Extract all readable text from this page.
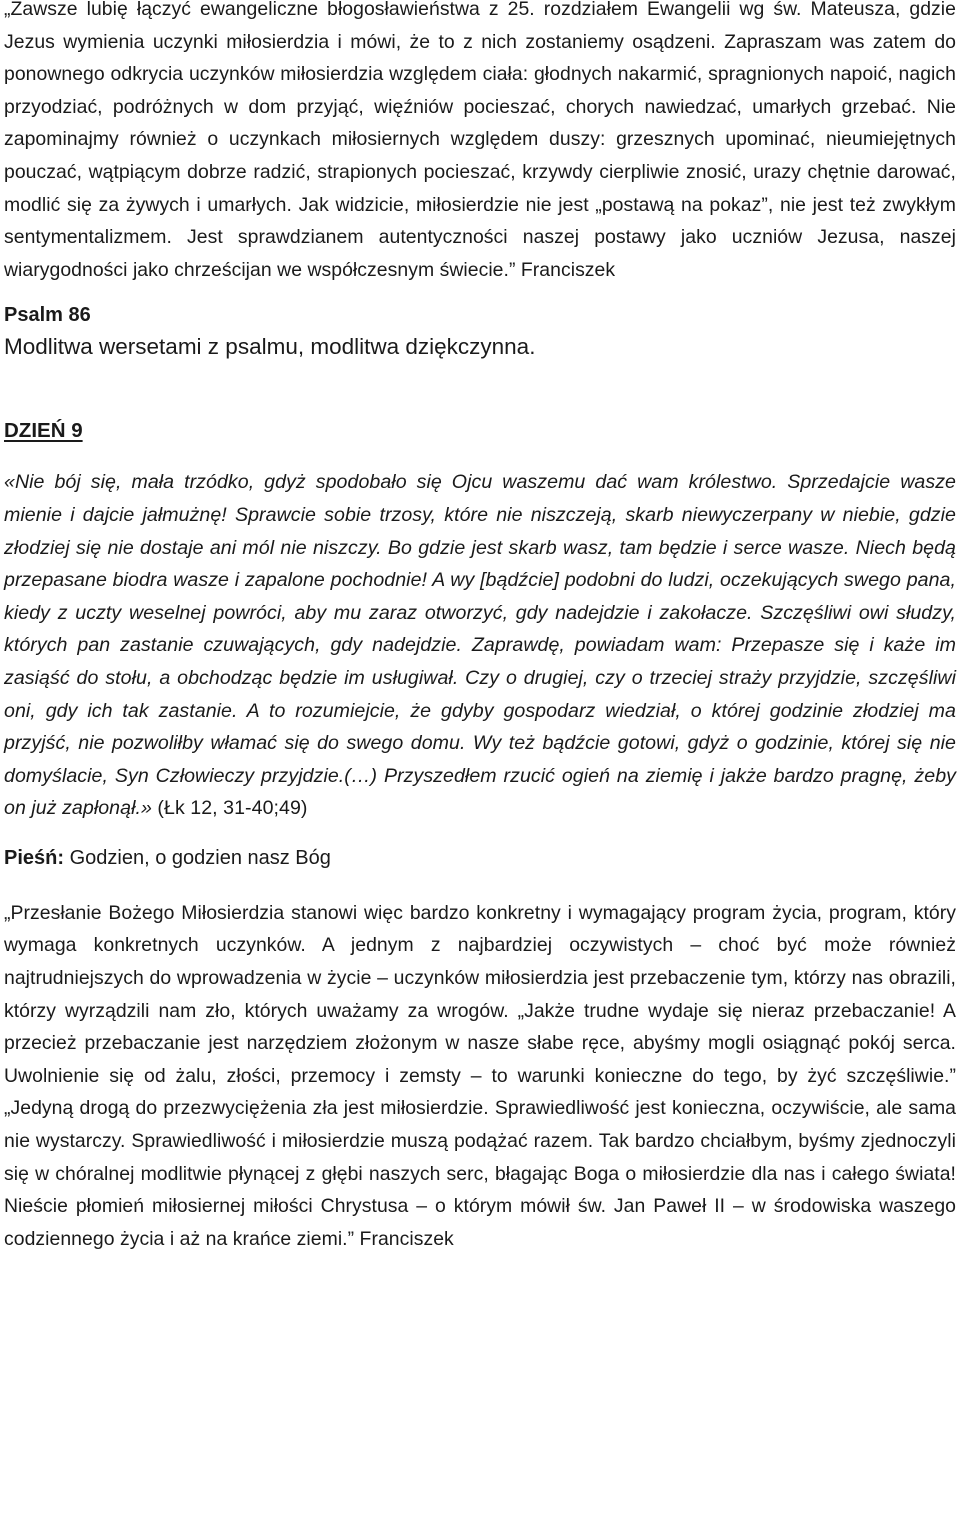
„Zawsze lubię łączyć ewangeliczne błogosławieństwa z 25. rozdziałem Ewangelii wg św. Mateusza, gdzie Jezus wymienia uczynki miłosierdzia i mówi, że to z nich zostaniemy osądzeni. Zapraszam was zatem do ponownego odkrycia uczynków miłosierdzia względem ciała: głodnych nakarmić, spragnionych napoić, nagich przyodziać, podróżnych w dom przyjąć, więźniów pocieszać, chorych nawiedzać, umarłych grzebać. Nie zapominajmy również o uczynkach miłosiernych względem duszy: grzesznych upominać, nieumiejętnych pouczać, wątpiącym dobrze radzić, strapionych pocieszać, krzywdy cierpliwie znosić, urazy chętnie darować, modlić się za żywych i umarłych. Jak widzicie, miłosierdzie nie jest „postawą na pokaz”, nie jest też zwykłym sentymentalizmem. Jest sprawdzianem autentyczności naszej postawy jako uczniów Jezusa, naszej wiarygodności jako chrześcijan we współczesnym świecie.” Franciszek

Psalm 86

Modlitwa wersetami z psalmu, modlitwa dziękczynna.

DZIEŃ 9

«Nie bój się, mała trzódko, gdyż spodobało się Ojcu waszemu dać wam królestwo. Sprzedajcie wasze mienie i dajcie jałmużnę! Sprawcie sobie trzosy, które nie niszczeją, skarb niewyczerpany w niebie, gdzie złodziej się nie dostaje ani mól nie niszczy. Bo gdzie jest skarb wasz, tam będzie i serce wasze. Niech będą przepasane biodra wasze i zapalone pochodnie! A wy [bądźcie] podobni do ludzi, oczekujących swego pana, kiedy z uczty weselnej powróci, aby mu zaraz otworzyć, gdy nadejdzie i zakołacze. Szczęśliwi owi słudzy, których pan zastanie czuwających, gdy nadejdzie. Zaprawdę, powiadam wam: Przepasze się i każe im zasiąść do stołu, a obchodząc będzie im usługiwał. Czy o drugiej, czy o trzeciej straży przyjdzie, szczęśliwi oni, gdy ich tak zastanie. A to rozumiejcie, że gdyby gospodarz wiedział, o której godzinie złodziej ma przyjść, nie pozwoliłby włamać się do swego domu. Wy też bądźcie gotowi, gdyż o godzinie, której się nie domyślacie, Syn Człowieczy przyjdzie.(…) Przyszedłem rzucić ogień na ziemię i jakże bardzo pragnę, żeby on już zapłonął.» (Łk 12, 31-40;49)

Pieśń: Godzien, o godzien nasz Bóg

„Przesłanie Bożego Miłosierdzia stanowi więc bardzo konkretny i wymagający program życia, program, który wymaga konkretnych uczynków. A jednym z najbardziej oczywistych – choć być może również najtrudniejszych do wprowadzenia w życie – uczynków miłosierdzia jest przebaczenie tym, którzy nas obrazili, którzy wyrządzili nam zło, których uważamy za wrogów. „Jakże trudne wydaje się nieraz przebaczanie! A przecież przebaczanie jest narzędziem złożonym w nasze słabe ręce, abyśmy mogli osiągnąć pokój serca. Uwolnienie się od żalu, złości, przemocy i zemsty – to warunki konieczne do tego, by żyć szczęśliwie.” „Jedyną drogą do przezwyciężenia zła jest miłosierdzie. Sprawiedliwość jest konieczna, oczywiście, ale sama nie wystarczy. Sprawiedliwość i miłosierdzie muszą podążać razem. Tak bardzo chciałbym, byśmy zjednoczyli się w chóralnej modlitwie płynącej z głębi naszych serc, błagając Boga o miłosierdzie dla nas i całego świata! Nieście płomień miłosiernej miłości Chrystusa – o którym mówił św. Jan Paweł II – w środowiska waszego codziennego życia i aż na krańce ziemi.” Franciszek
